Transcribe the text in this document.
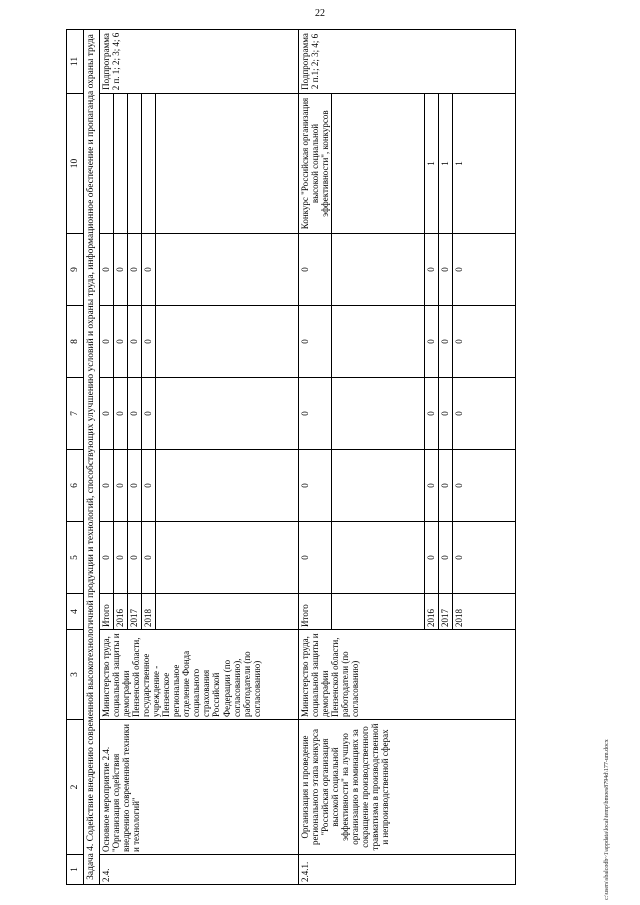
22
1	2	3	4	5	6	7	8	9	10	11
Задача 4. Содействие внедрению современной высокотехнологичной продукции и технологий, способствующих улучшению условий и охраны труда, информационное обеспечение и пропаганда охраны труда										
2.4.	Основное мероприятие 2.4. "Организация содействия внедрению современной техники и технологий"	Министерство труда, социальной защиты и демографии Пензенской области, государственное учреждение - Пензенское региональное отделение Фонда социального страхования Российской Федерации (по согласованию), работодатели (по согласованию)	Итого	0	0	0	0	0		Подпрограмма 2 п. 1; 2; 3; 4; 6
			2016	0	0	0	0	0		
			2017	0	0	0	0	0		
			2018	0	0	0	0	0		

2.4.1.	Организация и проведение регионального этапа конкурса "Российская организация высокой социальной эффективности" на лучшую организацию в номинациях за сокращение производственного травматизма в производственной и непроизводственной сферах	Министерство труда, социальной защиты и демографии Пензенской области, работодатели (по согласованию)	Итого	0	0	0	0	0	Конкурс "Российская организация высокой социальной эффективности", конкурсов	Подпрограмма 2 п.1; 2; 3; 4; 6

			2016	0	0	0	0	0	1	
			2017	0	0	0	0	0	1	
			2018	0	0	0	0	0	1	
c:\users\sbalcodb~1\appdata\local\temp\bmoes8794d\177-um.docx
